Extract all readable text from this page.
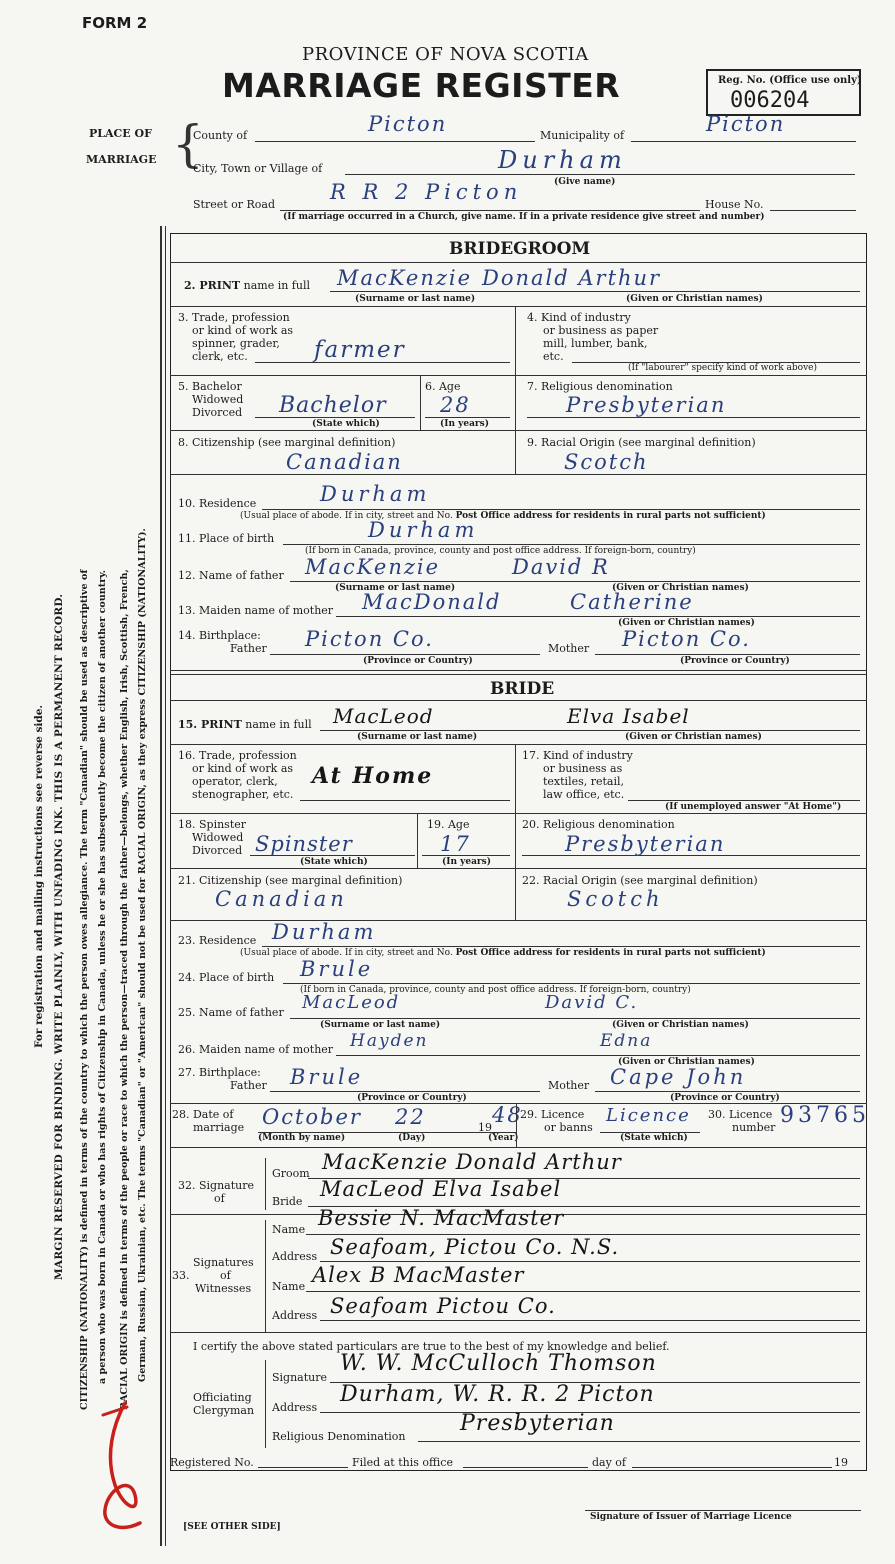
FORM 2
PROVINCE OF NOVA SCOTIA
MARRIAGE REGISTER	Reg. No. (Office use only)
006204
PLACE OF
MARRIAGE {
County of	Picton	Municipality of	Picton
City, Town or Village of	Durham
(Give name)
Street or Road
R R 2 Picton
House No.
(If marriage occurred in a Church, give name. If in a private residence give street and number)
For registration and mailing instructions see reverse side. MARGIN RESERVED FOR BINDING. WRITE PLAINLY, WITH UNFADING INK. THIS IS A PERMANENT RECORD. CITIZENSHIP (NATIONALITY) is defined in terms of the country to which the person owes allegiance. The term "Canadian" should be used as descriptive of a person who was born in Canada or who has rights of Citizenship in Canada, unless he or she has subsequently become the citizen of another country. RACIAL ORIGIN is defined in terms of the people or race to which the person—traced through the father—belongs, whether English, Irish, Scottish, French, German, Russian, Ukrainian, etc. The terms "Canadian" or "American" should not be used for RACIAL ORIGIN, as they express CITIZENSHIP (NATIONALITY).
BRIDEGROOM
2. PRINT name in full MacKenzie Donald Arthur
(Surname or last name)	(Given or Christian names)
3. Trade, profession
or kind of work as
spinner, grader,
clerk, etc.	farmer
4. Kind of industry
or business as paper
mill, lumber, bank,
etc.
(If "labourer" specify kind of work above)
5. Bachelor
Widowed
Divorced Bachelor
(State which)
6. Age
28
(In years)
7. Religious denomination
Presbyterian
8. Citizenship (see marginal definition)
Canadian
9. Racial Origin (see marginal definition)
Scotch
10. Residence	Durham
(Usual place of abode. If in city, street and No. Post Office address for residents in rural parts not sufficient)
11. Place of birth	Durham
(If born in Canada, province, county and post office address. If foreign-born, country)
12. Name of father MacKenzie	David R
(Surname or last name)	(Given or Christian names)
13. Maiden name of mother MacDonald	Catherine
(Given or Christian names)
14. Birthplace:
Father Picton Co.
(Province or Country)
Mother Picton Co.
(Province or Country)
BRIDE
15. PRINT name in full MacLeod	Elva Isabel
(Surname or last name)	(Given or Christian names)
16. Trade, profession
or kind of work as
operator, clerk,
stenographer, etc.
At Home
17. Kind of industry
or business as
textiles, retail,
law office, etc.
(If unemployed answer "At Home")
18. Spinster
Widowed
Divorced Spinster
(State which)
19. Age
17
(In years)
20. Religious denomination
Presbyterian
21. Citizenship (see marginal definition)
Canadian
22. Racial Origin (see marginal definition)
Scotch
23. Residence Durham
(Usual place of abode. If in city, street and No. Post Office address for residents in rural parts not sufficient)
24. Place of birth Brule
(If born in Canada, province, county and post office address. If foreign-born, country)
25. Name of father MacLeod	David C.
(Surname or last name)	(Given or Christian names)
26. Maiden name of mother Hayden	Edna
(Given or Christian names)
27. Birthplace:
Father Brule
(Province or Country)
Mother Cape John
(Province or Country)
28. Date of
marriage October 22	19
48
(Month by name)	(Day)	(Year)
29. Licence
or banns
Licence
(State which)
30. Licence
number 93765
32. Signature
of
Groom MacKenzie Donald Arthur
Bride
MacLeod Elva Isabel
Signatures
of
33.
Witnesses
Name Bessie N. MacMaster
Address Seafoam, Pictou Co. N.S.
Name Alex B MacMaster
Address Seafoam Pictou Co.
I certify the above stated particulars are true to the best of my knowledge and belief.
Officiating
Clergyman
Signature
W. W. McCulloch Thomson
Address
Durham, W. R. R. 2 Picton
Religious Denomination
Presbyterian
Registered No.	Filed at this office	day of	19
Signature of Issuer of Marriage Licence
[SEE OTHER SIDE]
